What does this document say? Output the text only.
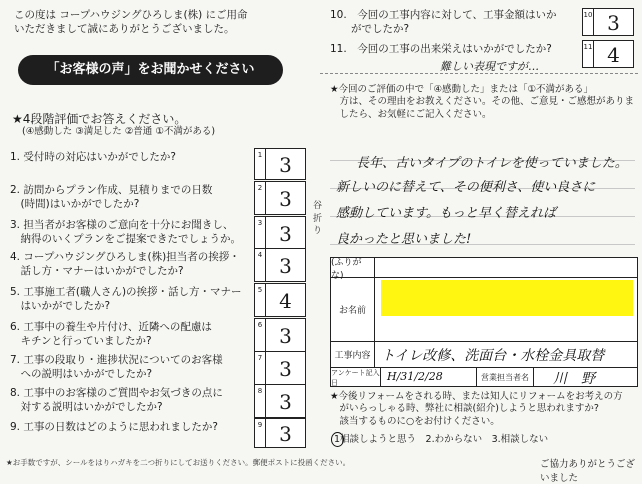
この度は コープハウジングひろしま(株) にご用命
いただきまして誠にありがとうございました。
「お客様の声」をお聞かせください
★4段階評価でお答えください。
(④感動した ③満足した ②普通 ①不満がある)
1. 受付時の対応はいかがでしたか?	1 3
2. 訪問からプラン作成、見積りまでの日数
　(時間)はいかがでしたか?
2 3
3. 担当者がお客様のご意向を十分にお聞きし、
　納得のいくプランをご提案できたでしょうか。
3 3
4. コープハウジングひろしま(株)担当者の挨拶・
　話し方・マナーはいかがでしたか?
4 3
5. 工事施工者(職人さん)の挨拶・話し方・マナー
　はいかがでしたか?
5 4
6. 工事中の養生や片付け、近隣への配慮は
　キチンと行っていましたか?
6 3
7. 工事の段取り・進捗状況についてのお客様
　への説明はいかがでしたか?
7 3
8. 工事中のお客様のご質問やお気づきの点に
　対する説明はいかがでしたか?
8 3
9. 工事の日数はどのように思われましたか?	9 3
谷折り
★お手数ですが、シールをはりハガキを二つ折りにしてお送りください。郵便ポストに投函ください。
10.　今回の工事内容に対して、工事金額はいか
　　がでしたか?
10 3
11.　今回の工事の出来栄えはいかがでしたか?	11 4
難しい表現ですが…
★今回のご評価の中で「④感動した」または「①不満がある」
　方は、その理由をお教えください。その他、ご意見・ご感想がありま
　したら、お気軽にご記入ください。
長年、古いタイプのトイレを使っていました。
新しいのに替えて、その便利さ、使い良さに
感動しています。もっと早く替えれば
良かったと思いました!
(ふりがな)
お名前
工事内容 トイレ改修、洗面台・水栓金具取替
アンケート記入日	H/31/2/28	営業担当者名	川野
★今後リフォームをされる時、または知人にリフォームをお考えの方
　がいらっしゃる時、弊社に相談(紹介)しようと思われますか?
　該当するものに○をお付けください。
1相談しようと思う　2.わからない　3.相談しない
ご協力ありがとうございました
